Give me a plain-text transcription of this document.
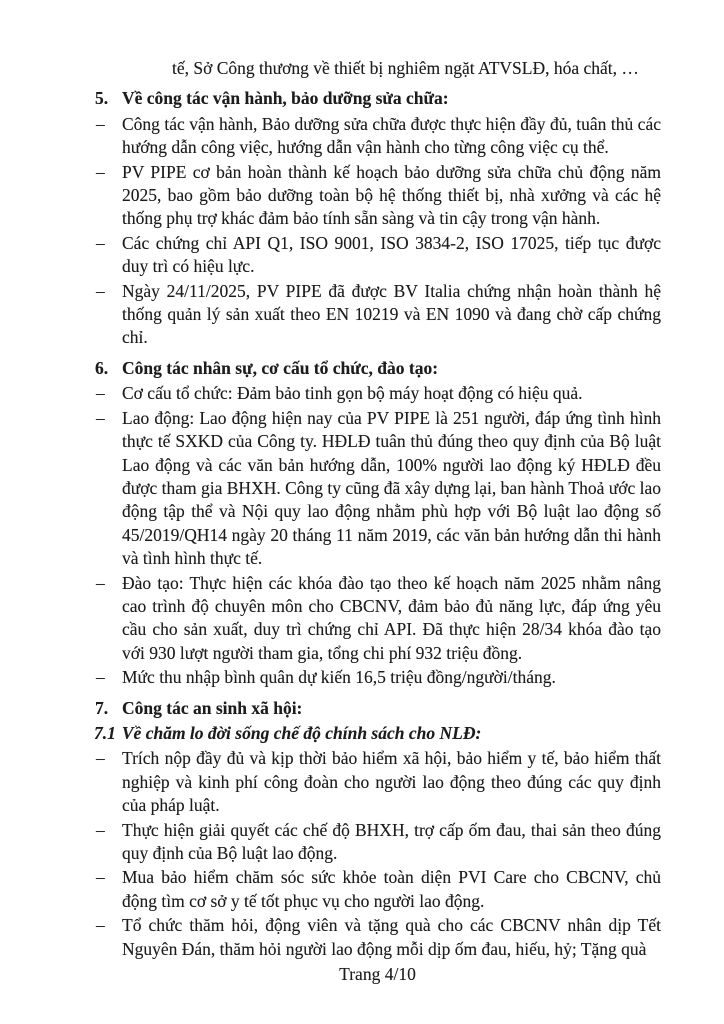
tế, Sở Công thương về thiết bị nghiêm ngặt ATVSLĐ, hóa chất, …
5. Về công tác vận hành, bảo dưỡng sửa chữa:
– Công tác vận hành, Bảo dưỡng sửa chữa được thực hiện đầy đủ, tuân thủ các hướng dẫn công việc, hướng dẫn vận hành cho từng công việc cụ thể.
– PV PIPE cơ bản hoàn thành kế hoạch bảo dưỡng sửa chữa chủ động năm 2025, bao gồm bảo dưỡng toàn bộ hệ thống thiết bị, nhà xưởng và các hệ thống phụ trợ khác đảm bảo tính sẵn sàng và tin cậy trong vận hành.
– Các chứng chỉ API Q1, ISO 9001, ISO 3834-2, ISO 17025, tiếp tục được duy trì có hiệu lực.
– Ngày 24/11/2025, PV PIPE đã được BV Italia chứng nhận hoàn thành hệ thống quản lý sản xuất theo EN 10219 và EN 1090 và đang chờ cấp chứng chỉ.
6. Công tác nhân sự, cơ cấu tổ chức, đào tạo:
– Cơ cấu tổ chức: Đảm bảo tinh gọn bộ máy hoạt động có hiệu quả.
– Lao động: Lao động hiện nay của PV PIPE là 251 người, đáp ứng tình hình thực tế SXKD của Công ty. HĐLĐ tuân thủ đúng theo quy định của Bộ luật Lao động và các văn bản hướng dẫn, 100% người lao động ký HĐLĐ đều được tham gia BHXH. Công ty cũng đã xây dựng lại, ban hành Thoả ước lao động tập thể và Nội quy lao động nhằm phù hợp với Bộ luật lao động số 45/2019/QH14 ngày 20 tháng 11 năm 2019, các văn bản hướng dẫn thi hành và tình hình thực tế.
– Đào tạo: Thực hiện các khóa đào tạo theo kế hoạch năm 2025 nhằm nâng cao trình độ chuyên môn cho CBCNV, đảm bảo đủ năng lực, đáp ứng yêu cầu cho sản xuất, duy trì chứng chỉ API. Đã thực hiện 28/34 khóa đào tạo với 930 lượt người tham gia, tổng chi phí 932 triệu đồng.
– Mức thu nhập bình quân dự kiến 16,5 triệu đồng/người/tháng.
7. Công tác an sinh xã hội:
7.1 Về chăm lo đời sống chế độ chính sách cho NLĐ:
– Trích nộp đầy đủ và kịp thời bảo hiểm xã hội, bảo hiểm y tế, bảo hiểm thất nghiệp và kinh phí công đoàn cho người lao động theo đúng các quy định của pháp luật.
– Thực hiện giải quyết các chế độ BHXH, trợ cấp ốm đau, thai sản theo đúng quy định của Bộ luật lao động.
– Mua bảo hiểm chăm sóc sức khỏe toàn diện PVI Care cho CBCNV, chủ động tìm cơ sở y tế tốt phục vụ cho người lao động.
– Tổ chức thăm hỏi, động viên và tặng quà cho các CBCNV nhân dịp Tết Nguyên Đán, thăm hỏi người lao động mỗi dịp ốm đau, hiếu, hỷ; Tặng quà
Trang 4/10
